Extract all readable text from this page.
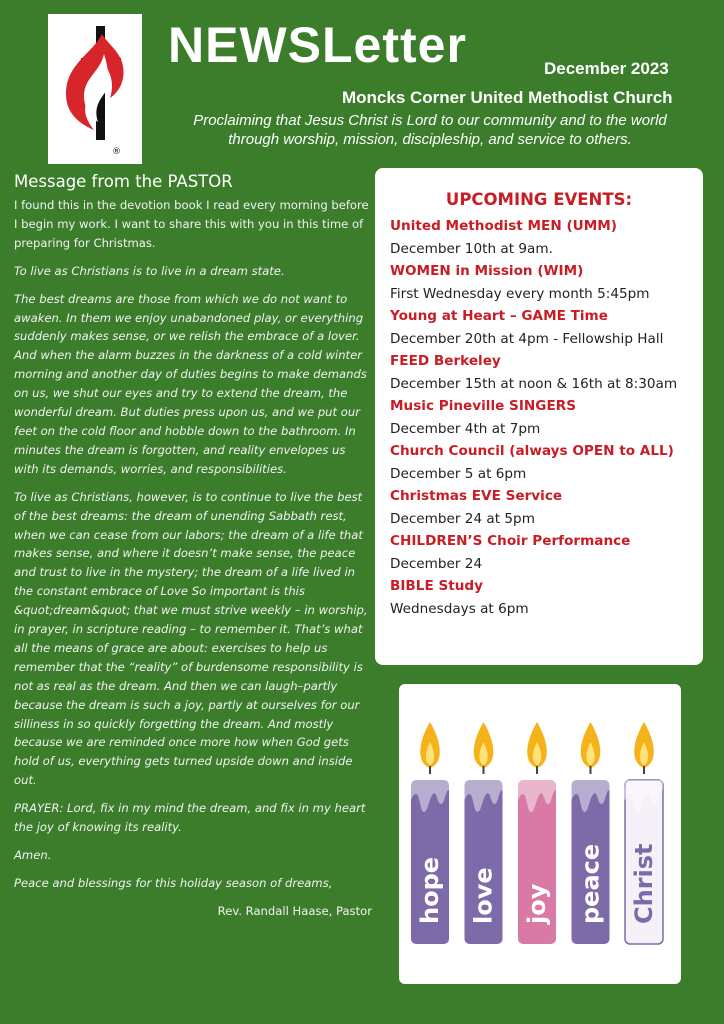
®
NEWSLetter	December 2023
Moncks Corner United Methodist Church
Proclaiming that Jesus Christ is Lord to our community and to the world through worship, mission, discipleship, and service to others.
Message from the PASTOR

I found this in the devotion book I read every morning before I begin my work. I want to share this with you in this time of preparing for Christmas.

To live as Christians is to live in a dream state.

The best dreams are those from which we do not want to awaken. In them we enjoy unabandoned play, or everything suddenly makes sense, or we relish the embrace of a lover. And when the alarm buzzes in the darkness of a cold winter morning and another day of duties begins to make demands on us, we shut our eyes and try to extend the dream, the wonderful dream. But duties press upon us, and we put our feet on the cold floor and hobble down to the bathroom. In minutes the dream is forgotten, and reality envelopes us with its demands, worries, and responsibilities.

To live as Christians, however, is to continue to live the best of the best dreams: the dream of unending Sabbath rest, when we can cease from our labors; the dream of a life that makes sense, and where it doesn’t make sense, the peace and trust to live in the mystery; the dream of a life lived in the constant embrace of Love So important is this &quot;dream&quot; that we must strive weekly – in worship, in prayer, in scripture reading – to remember it. That’s what all the means of grace are about: exercises to help us remember that the “reality” of burdensome responsibility is not as real as the dream. And then we can laugh–partly because the dream is such a joy, partly at ourselves for our silliness in so quickly forgetting the dream. And mostly because we are reminded once more how when God gets hold of us, everything gets turned upside down and inside out.

PRAYER: Lord, fix in my mind the dream, and fix in my heart the joy of knowing its reality.

Amen.

Peace and blessings for this holiday season of dreams,

Rev. Randall Haase, Pastor

UPCOMING EVENTS:
United Methodist MEN (UMM)
December 10th at 9am.
WOMEN in Mission (WIM)
First Wednesday every month 5:45pm
Young at Heart – GAME Time
December 20th at 4pm - Fellowship Hall
FEED Berkeley
December 15th at noon & 16th at 8:30am
Music Pineville SINGERS
December 4th at 7pm
Church Council (always OPEN to ALL)
December 5 at 6pm
Christmas EVE Service
December 24 at 5pm
CHILDREN’S Choir Performance
December 24
BIBLE Study
Wednesdays at 6pm
hope love joy peace Christ
